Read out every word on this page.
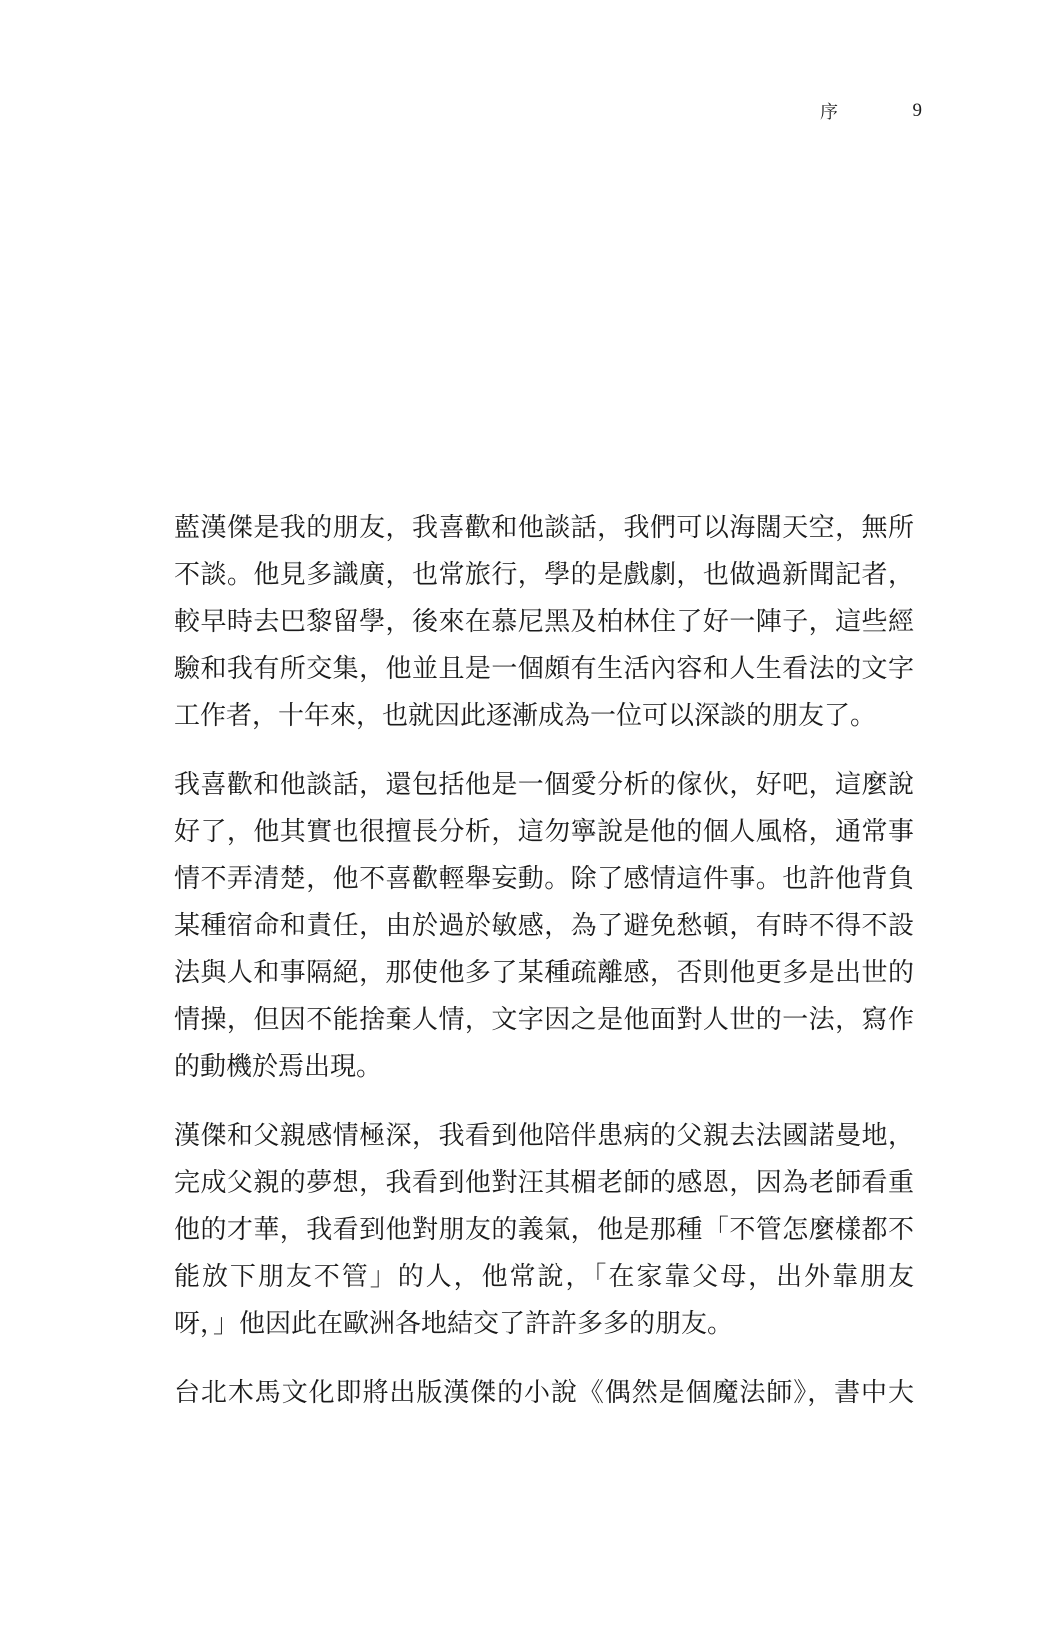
序	9
藍漢傑是我的朋友，我喜歡和他談話，我們可以海闊天空，無所
不談。他見多識廣，也常旅行，學的是戲劇，也做過新聞記者，
較早時去巴黎留學，後來在慕尼黑及柏林住了好一陣子，這些經
驗和我有所交集，他並且是一個頗有生活內容和人生看法的文字
工作者，十年來，也就因此逐漸成為一位可以深談的朋友了。
我喜歡和他談話，還包括他是一個愛分析的傢伙，好吧，這麼說
好了，他其實也很擅長分析，這勿寧說是他的個人風格，通常事
情不弄清楚，他不喜歡輕舉妄動。除了感情這件事。也許他背負
某種宿命和責任，由於過於敏感，為了避免愁頓，有時不得不設
法與人和事隔絕，那使他多了某種疏離感，否則他更多是出世的
情操，但因不能捨棄人情，文字因之是他面對人世的一法，寫作
的動機於焉出現。
漢傑和父親感情極深，我看到他陪伴患病的父親去法國諾曼地，
完成父親的夢想，我看到他對汪其楣老師的感恩，因為老師看重
他的才華，我看到他對朋友的義氣，他是那種「不管怎麼樣都不
能放下朋友不管」的人，他常說，「在家靠父母，出外靠朋友
呀，」他因此在歐洲各地結交了許許多多的朋友。
台北木馬文化即將出版漢傑的小說《偶然是個魔法師》，書中大
